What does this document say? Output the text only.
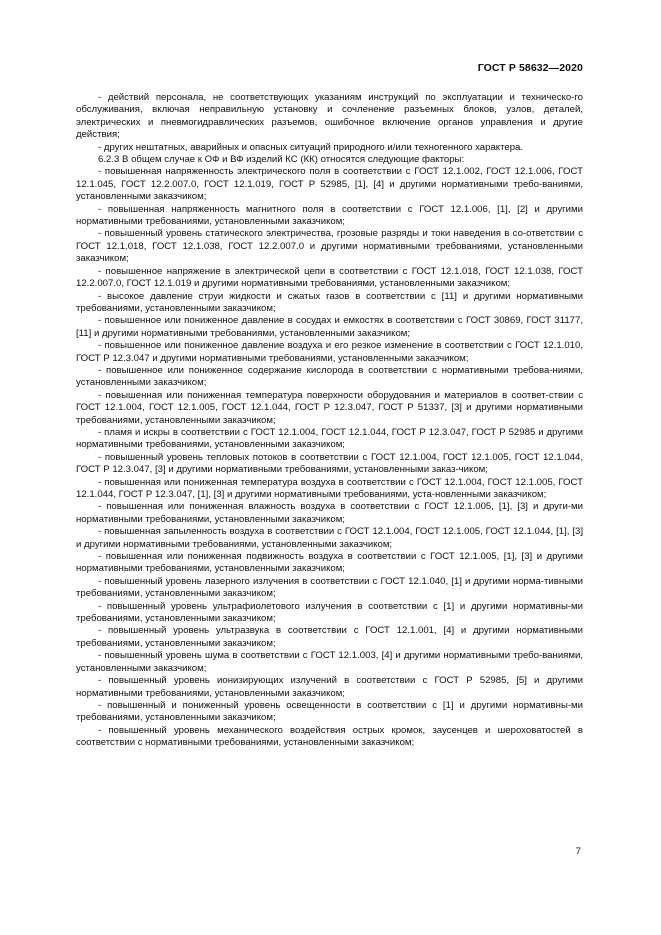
ГОСТ Р 58632—2020

- действий персонала, не соответствующих указаниям инструкций по эксплуатации и техническо-го обслуживания, включая неправильную установку и сочленение разъемных блоков, узлов, деталей, электрических и пневмогидравлических разъемов, ошибочное включение органов управления и другие действия;

- других нештатных, аварийных и опасных ситуаций природного и/или техногенного характера.

6.2.3 В общем случае к ОФ и ВФ изделий КС (КК) относятся следующие факторы:

- повышенная напряженность электрического поля в соответствии с ГОСТ 12.1.002, ГОСТ 12.1.006, ГОСТ 12.1.045, ГОСТ 12.2.007.0, ГОСТ 12.1.019, ГОСТ Р 52985, [1], [4] и другими нормативными требо-ваниями, установленными заказчиком;

- повышенная напряженность магнитного поля в соответствии с ГОСТ 12.1.006, [1], [2] и другими нормативными требованиями, установленными заказчиком;

- повышенный уровень статического электричества, грозовые разряды и токи наведения в со-ответствии с ГОСТ 12.1.018, ГОСТ 12.1.038, ГОСТ 12.2.007.0 и другими нормативными требованиями, установленными заказчиком;

- повышенное напряжение в электрической цепи в соответствии с ГОСТ 12.1.018, ГОСТ 12.1.038, ГОСТ 12.2.007.0, ГОСТ 12.1.019 и другими нормативными требованиями, установленными заказчиком;

- высокое давление струи жидкости и сжатых газов в соответствии с [11] и другими нормативными требованиями, установленными заказчиком;

- повышенное или пониженное давление в сосудах и емкостях в соответствии с ГОСТ 30869, ГОСТ 31177, [11] и другими нормативными требованиями, установленными заказчиком;

- повышенное или пониженное давление воздуха и его резкое изменение в соответствии с ГОСТ 12.1.010, ГОСТ Р 12.3.047 и другими нормативными требованиями, установленными заказчиком;

- повышенное или пониженное содержание кислорода в соответствии с нормативными требова-ниями, установленными заказчиком;

- повышенная или пониженная температура поверхности оборудования и материалов в соответ-ствии с ГОСТ 12.1.004, ГОСТ 12.1.005, ГОСТ 12.1.044, ГОСТ Р 12.3.047, ГОСТ Р 51337, [3] и другими нормативными требованиями, установленными заказчиком;

- пламя и искры в соответствии с ГОСТ 12.1.004, ГОСТ 12.1.044, ГОСТ Р 12.3.047, ГОСТ Р 52985 и другими нормативными требованиями, установленными заказчиком;

- повышенный уровень тепловых потоков в соответствии с ГОСТ 12.1.004, ГОСТ 12.1.005, ГОСТ 12.1.044, ГОСТ Р 12.3.047, [3] и другими нормативными требованиями, установленными заказ-чиком;

- повышенная или пониженная температура воздуха в соответствии с ГОСТ 12.1.004, ГОСТ 12.1.005, ГОСТ 12.1.044, ГОСТ Р 12.3.047, [1], [3] и другими нормативными требованиями, уста-новленными заказчиком;

- повышенная или пониженная влажность воздуха в соответствии с ГОСТ 12.1.005, [1], [3] и други-ми нормативными требованиями, установленными заказчиком;

- повышенная запыленность воздуха в соответствии с ГОСТ 12.1.004, ГОСТ 12.1.005, ГОСТ 12.1.044, [1], [3] и другими нормативными требованиями, установленными заказчиком;

- повышенная или пониженная подвижность воздуха в соответствии с ГОСТ 12.1.005, [1], [3] и другими нормативными требованиями, установленными заказчиком;

- повышенный уровень лазерного излучения в соответствии с ГОСТ 12.1.040, [1] и другими норма-тивными требованиями, установленными заказчиком;

- повышенный уровень ультрафиолетового излучения в соответствии с [1] и другими нормативны-ми требованиями, установленными заказчиком;

- повышенный уровень ультразвука в соответствии с ГОСТ 12.1.001, [4] и другими нормативными требованиями, установленными заказчиком;

- повышенный уровень шума в соответствии с ГОСТ 12.1.003, [4] и другими нормативными требо-ваниями, установленными заказчиком;

- повышенный уровень ионизирующих излучений в соответствии с ГОСТ Р 52985, [5] и другими нормативными требованиями, установленными заказчиком;

- повышенный и пониженный уровень освещенности в соответствии с [1] и другими нормативны-ми требованиями, установленными заказчиком;

- повышенный уровень механического воздействия острых кромок, заусенцев и шероховатостей в соответствии с нормативными требованиями, установленными заказчиком;

7
